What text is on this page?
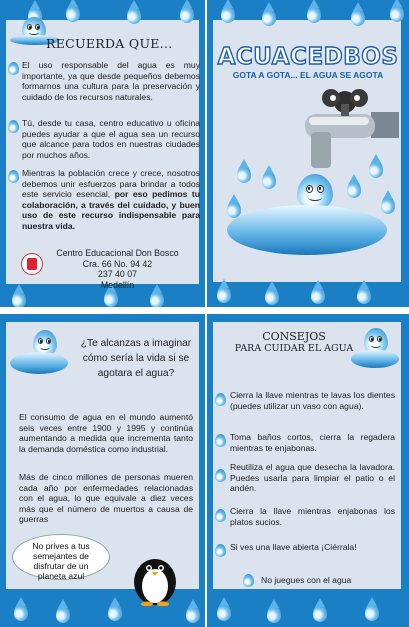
RECUERDA QUE...
El uso responsable del agua es muy importante, ya que desde pequeños debemos formarnos una cultura para la preservación y cuidado de los recursos naturales.
Tú, desde tu casa, centro educativo u oficina puedes ayudar a que el agua sea un recurso que alcance para todos en nuestras ciudades por muchos años.
Mientras la población crece y crece, nosotros debemos unir esfuerzos para brindar a todos este servicio esencial, por eso pedimos tu colaboración, a través del cuidado, y buen uso de este recurso indispensable para nuestra vida.
Centro Educacional Don Bosco
Cra. 66 No. 94 42
237 40 07
Medellín
ACUACEDBOS
GOTA A GOTA... EL AGUA SE AGOTA
¿Te alcanzas a imaginar cómo sería la vida si se agotara el agua?
El consumo de agua en el mundo aumentó seis veces entre 1900 y 1995 y continúa aumentando a medida que incrementa tanto la demanda doméstica como industrial.
Más de cinco millones de personas mueren cada año por enfermedades relacionadas con el agua, lo que equivale a diez veces más que el número de muertos a causa de guerras
No prives a tus semejantes de disfrutar de un planeta azul
CONSEJOS
PARA CUIDAR EL AGUA
Cierra la llave mientras te lavas los dientes (puedes utilizar un vaso con agua).
Toma baños cortos, cierra la regadera mientras te enjabonas.
Reutiliza el agua que desecha la lavadora. Puedes usarla para limpiar el patio o el andén.
Cierra la llave mientras enjabonas los platos sucios.
Si ves una llave abierta ¡Ciérrala!
No juegues con el agua
